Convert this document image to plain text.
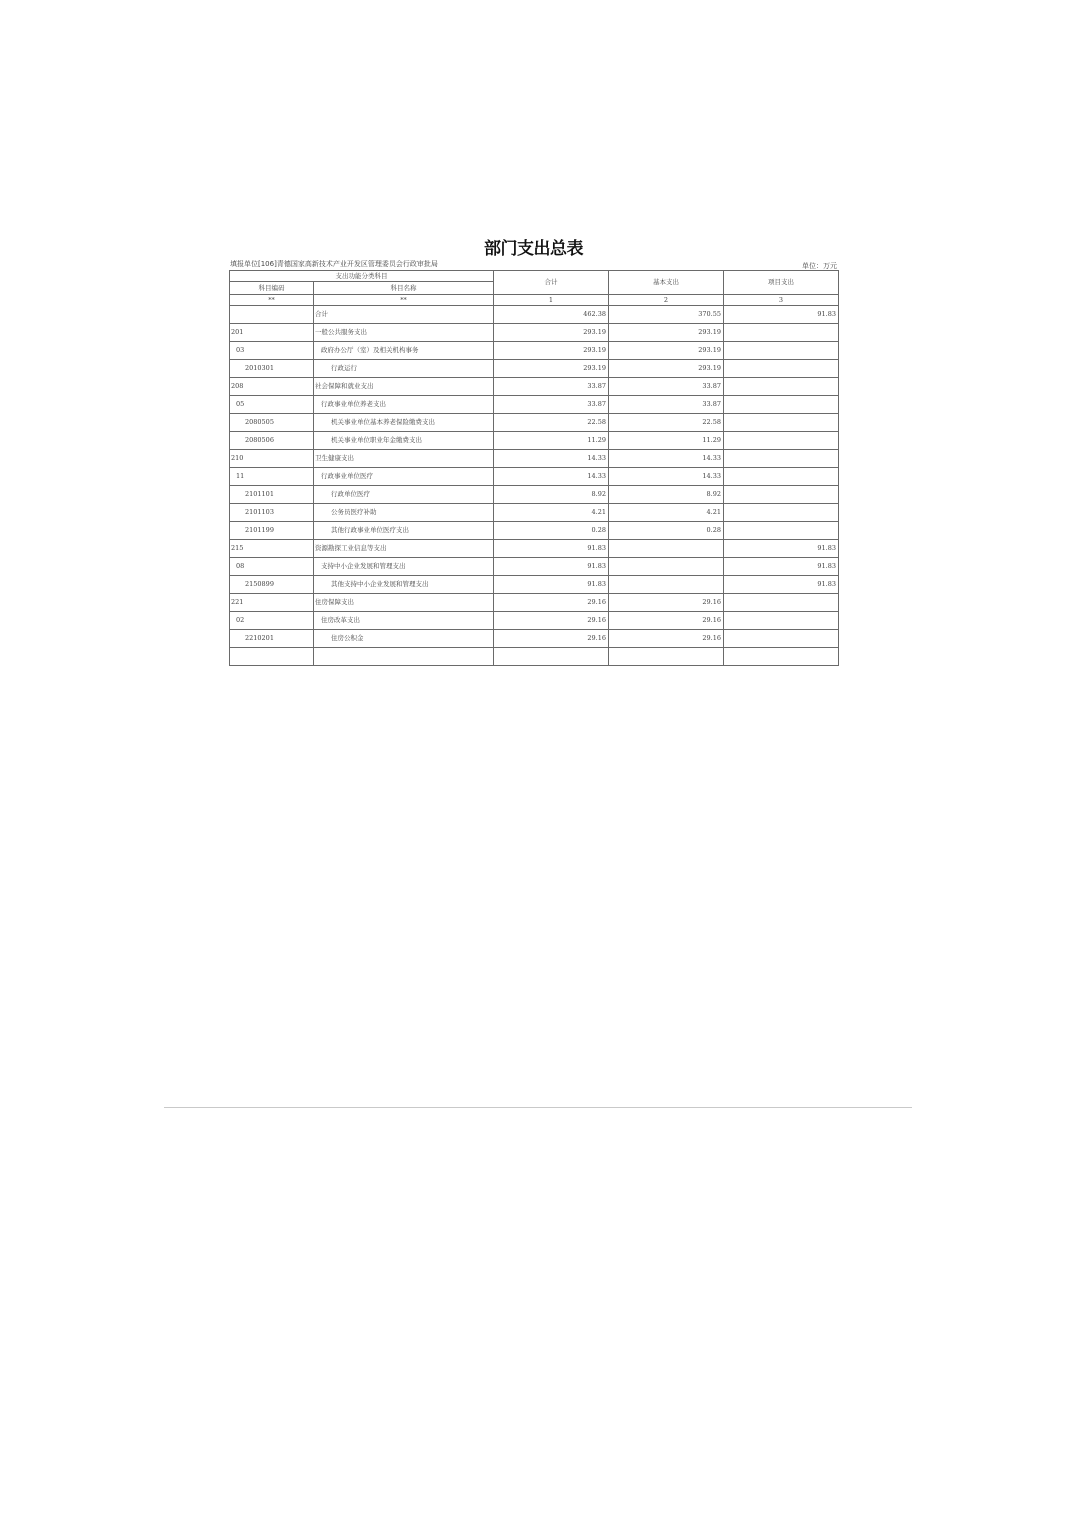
部门支出总表
填报单位[106]青德国家高新技术产业开发区管理委员会行政审批局	单位：万元
支出功能分类科目		合计	基本支出	项目支出
科目编码	科目名称			
**	**	1	2	3
	合计	462.38	370.55	91.83
201	一般公共服务支出	293.19	293.19	
03	政府办公厅（室）及相关机构事务	293.19	293.19	
2010301	行政运行	293.19	293.19	
208	社会保障和就业支出	33.87	33.87	
05	行政事业单位养老支出	33.87	33.87	
2080505	机关事业单位基本养老保险缴费支出	22.58	22.58	
2080506	机关事业单位职业年金缴费支出	11.29	11.29	
210	卫生健康支出	14.33	14.33	
11	行政事业单位医疗	14.33	14.33	
2101101	行政单位医疗	8.92	8.92	
2101103	公务员医疗补助	4.21	4.21	
2101199	其他行政事业单位医疗支出	0.28	0.28	
215	资源勘探工业信息等支出	91.83		91.83
08	支持中小企业发展和管理支出	91.83		91.83
2150899	其他支持中小企业发展和管理支出	91.83		91.83
221	住房保障支出	29.16	29.16	
02	住房改革支出	29.16	29.16	
2210201	住房公积金	29.16	29.16	
